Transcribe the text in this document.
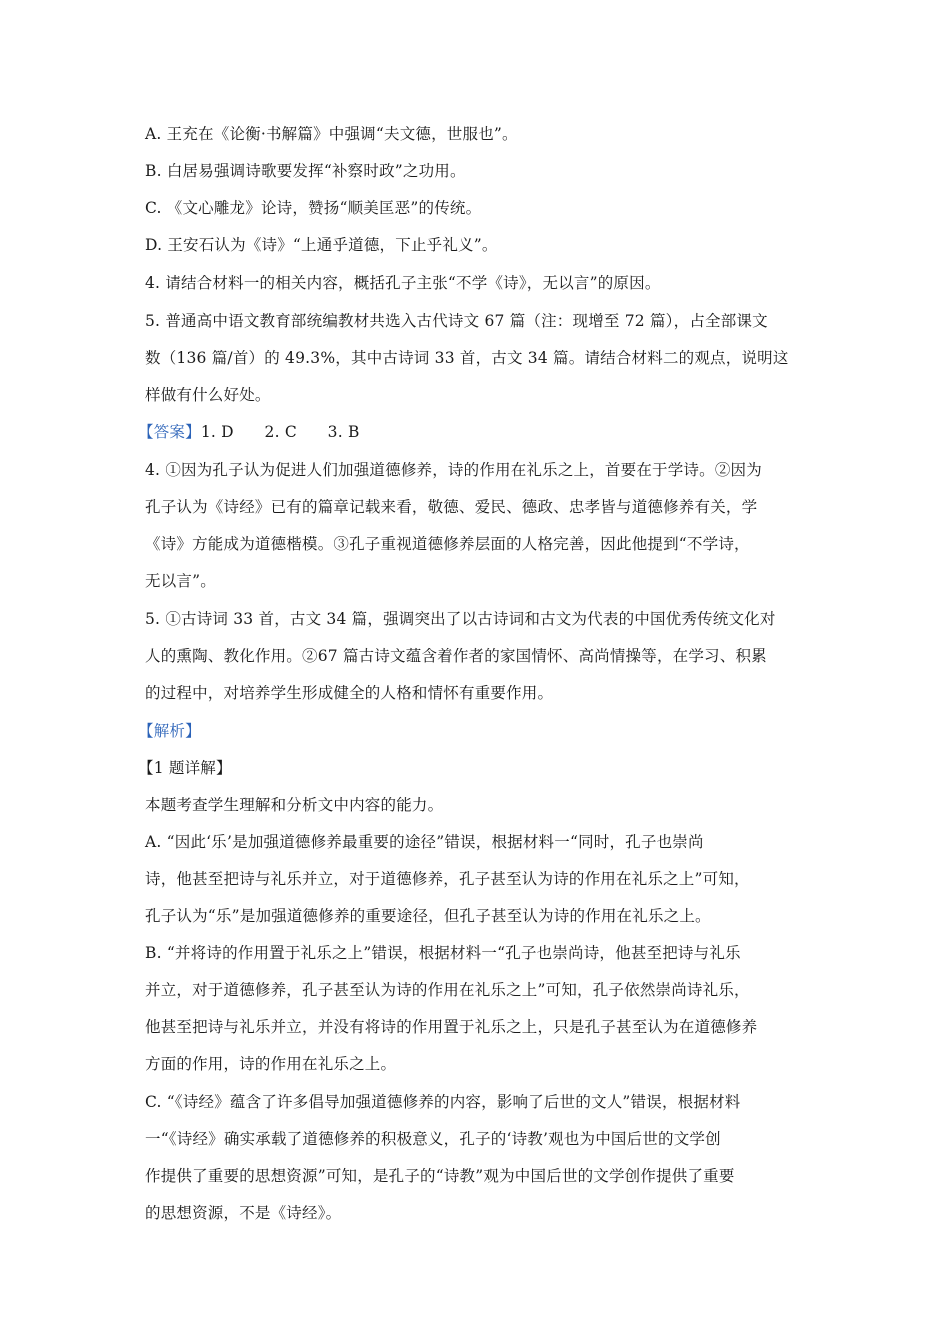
A. 王充在《论衡·书解篇》中强调“夫文德，世服也”。
B. 白居易强调诗歌要发挥“补察时政”之功用。
C. 《文心雕龙》论诗，赞扬“顺美匡恶”的传统。
D. 王安石认为《诗》“上通乎道德，下止乎礼义”。
4. 请结合材料一的相关内容，概括孔子主张“不学《诗》，无以言”的原因。
5. 普通高中语文教育部统编教材共选入古代诗文 67 篇（注：现增至 72 篇），占全部课文
数（136 篇/首）的 49.3%，其中古诗词 33 首，古文 34 篇。请结合材料二的观点，说明这
样做有什么好处。
【答案】1. D      2. C      3. B
4. ①因为孔子认为促进人们加强道德修养，诗的作用在礼乐之上，首要在于学诗。②因为
孔子认为《诗经》已有的篇章记载来看，敬德、爱民、德政、忠孝皆与道德修养有关，学
《诗》方能成为道德楷模。③孔子重视道德修养层面的人格完善，因此他提到“不学诗，
无以言”。
5. ①古诗词 33 首，古文 34 篇，强调突出了以古诗词和古文为代表的中国优秀传统文化对
人的熏陶、教化作用。②67 篇古诗文蕴含着作者的家国情怀、高尚情操等，在学习、积累
的过程中，对培养学生形成健全的人格和情怀有重要作用。
【解析】
【1 题详解】
本题考查学生理解和分析文中内容的能力。
A. “因此‘乐’是加强道德修养最重要的途径”错误，根据材料一“同时，孔子也崇尚
诗，他甚至把诗与礼乐并立，对于道德修养，孔子甚至认为诗的作用在礼乐之上”可知，
孔子认为“乐”是加强道德修养的重要途径，但孔子甚至认为诗的作用在礼乐之上。
B. “并将诗的作用置于礼乐之上”错误，根据材料一“孔子也崇尚诗，他甚至把诗与礼乐
并立，对于道德修养，孔子甚至认为诗的作用在礼乐之上”可知，孔子依然崇尚诗礼乐，
他甚至把诗与礼乐并立，并没有将诗的作用置于礼乐之上，只是孔子甚至认为在道德修养
方面的作用，诗的作用在礼乐之上。
C. “《诗经》蕴含了许多倡导加强道德修养的内容，影响了后世的文人”错误，根据材料
一“《诗经》确实承载了道德修养的积极意义，孔子的‘诗教’观也为中国后世的文学创
作提供了重要的思想资源”可知，是孔子的“诗教”观为中国后世的文学创作提供了重要
的思想资源，不是《诗经》。
